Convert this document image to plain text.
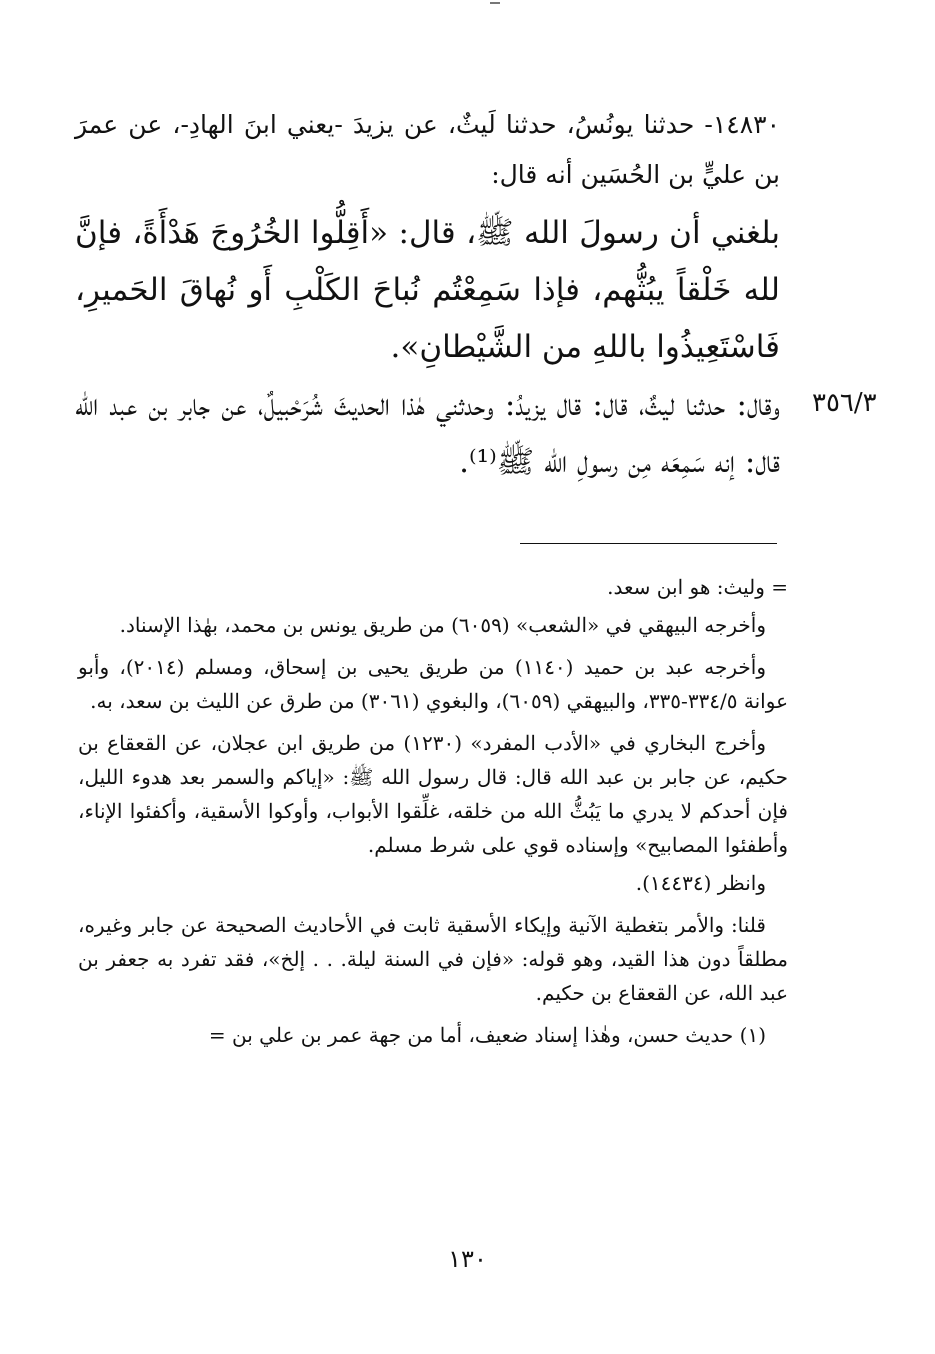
١٤٨٣٠- حدثنا يونُسُ، حدثنا لَيثٌ، عن يزيدَ -يعني ابنَ الهادِ-، عن عمرَ بن عليٍّ بن الحُسَين أنه قال:
بلغني أن رسولَ الله ﷺ، قال: «أَقِلُّوا الخُرُوجَ هَدْأَةً، فإنَّ لله خَلْقاً يبُثُّهم، فإذا سَمِعْتُم نُباحَ الكَلْبِ أَو نُهاقَ الحَميرِ، فَاسْتَعِيذُوا باللهِ من الشَّيْطانِ».
٣٥٦/٣
وقال: حدثنا ليثٌ، قال: قال يزيدُ: وحدثني هٰذا الحديثَ شُرَحْبيلٌ، عن جابر بن عبد الله قال: إنه سَمِعَه مِن رسولِ الله ﷺ⁽¹⁾.

= وليث: هو ابن سعد.

وأخرجه البيهقي في «الشعب» (٦٠٥٩) من طريق يونس بن محمد، بهٰذا الإسناد.

وأخرجه عبد بن حميد (١١٤٠) من طريق يحيى بن إسحاق، ومسلم (٢٠١٤)، وأبو عوانة ٣٣٤/٥-٣٣٥، والبيهقي (٦٠٥٩)، والبغوي (٣٠٦١) من طرق عن الليث بن سعد، به.

وأخرج البخاري في «الأدب المفرد» (١٢٣٠) من طريق ابن عجلان، عن القعقاع بن حكيم، عن جابر بن عبد الله قال: قال رسول الله ﷺ: «إياكم والسمر بعد هدوء الليل، فإن أحدكم لا يدري ما يَبُثُّ الله من خلقه، غلِّقوا الأبواب، وأوكوا الأسقية، وأكفئوا الإناء، وأطفئوا المصابيح» وإسناده قوي على شرط مسلم.

وانظر (١٤٤٣٤).

قلنا: والأمر بتغطية الآنية وإيكاء الأسقية ثابت في الأحاديث الصحيحة عن جابر وغيره، مطلقاً دون هذا القيد، وهو قوله: «فإن في السنة ليلة. . . إلخ»، فقد تفرد به جعفر بن عبد الله، عن القعقاع بن حكيم.

(١) حديث حسن، وهٰذا إسناد ضعيف، أما من جهة عمر بن علي بن =

١٣٠
